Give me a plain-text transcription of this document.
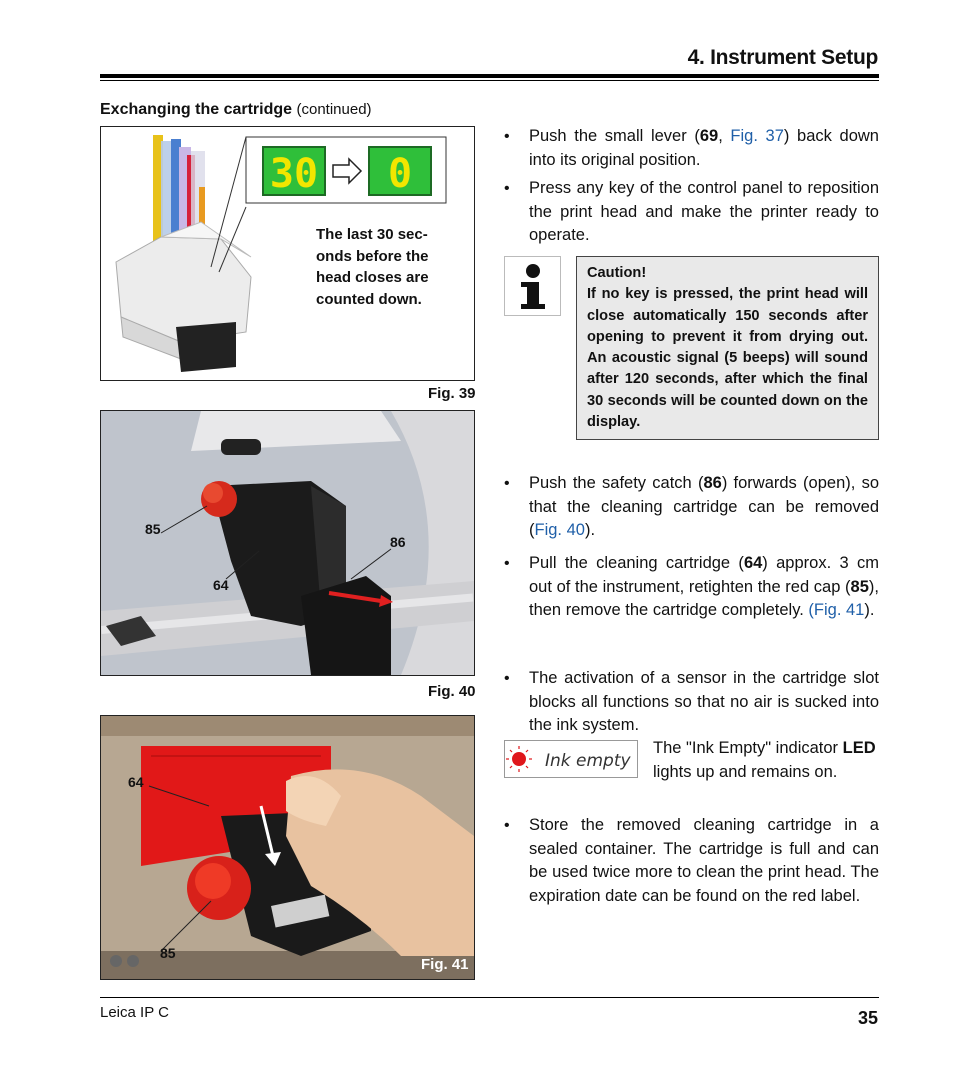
4. Instrument Setup
Exchanging the cartridge (continued)
30 0
The last 30 sec-onds before the head closes are counted down.
Fig. 39
85
86
64
Fig. 40
64
85
Fig. 41
• Push the small lever (69, Fig. 37) back down into its original position.
• Press any key of the control panel to reposition the print head and make the printer ready to operate.
Caution!
If no key is pressed, the print head will close automatically 150 seconds after opening to prevent it from drying out. An acoustic signal (5 beeps) will sound after 120 seconds, after which the final 30 seconds will be counted down on the display.
• Push the safety catch (86) forwards (open), so that the cleaning cartridge can be removed (Fig. 40).
• Pull the cleaning cartridge (64) approx. 3 cm out of the instrument, retighten the red cap (85), then remove the cartridge completely. (Fig. 41).
• The activation of a sensor in the cartridge slot blocks all functions so that no air is sucked into the ink system.
Ink empty
The "Ink Empty" indicator LED lights up and remains on.
• Store the removed cleaning cartridge in a sealed container. The cartridge is full and can be used twice more to clean the print head. The expiration date can be found on the red label.
Leica IP C	35
